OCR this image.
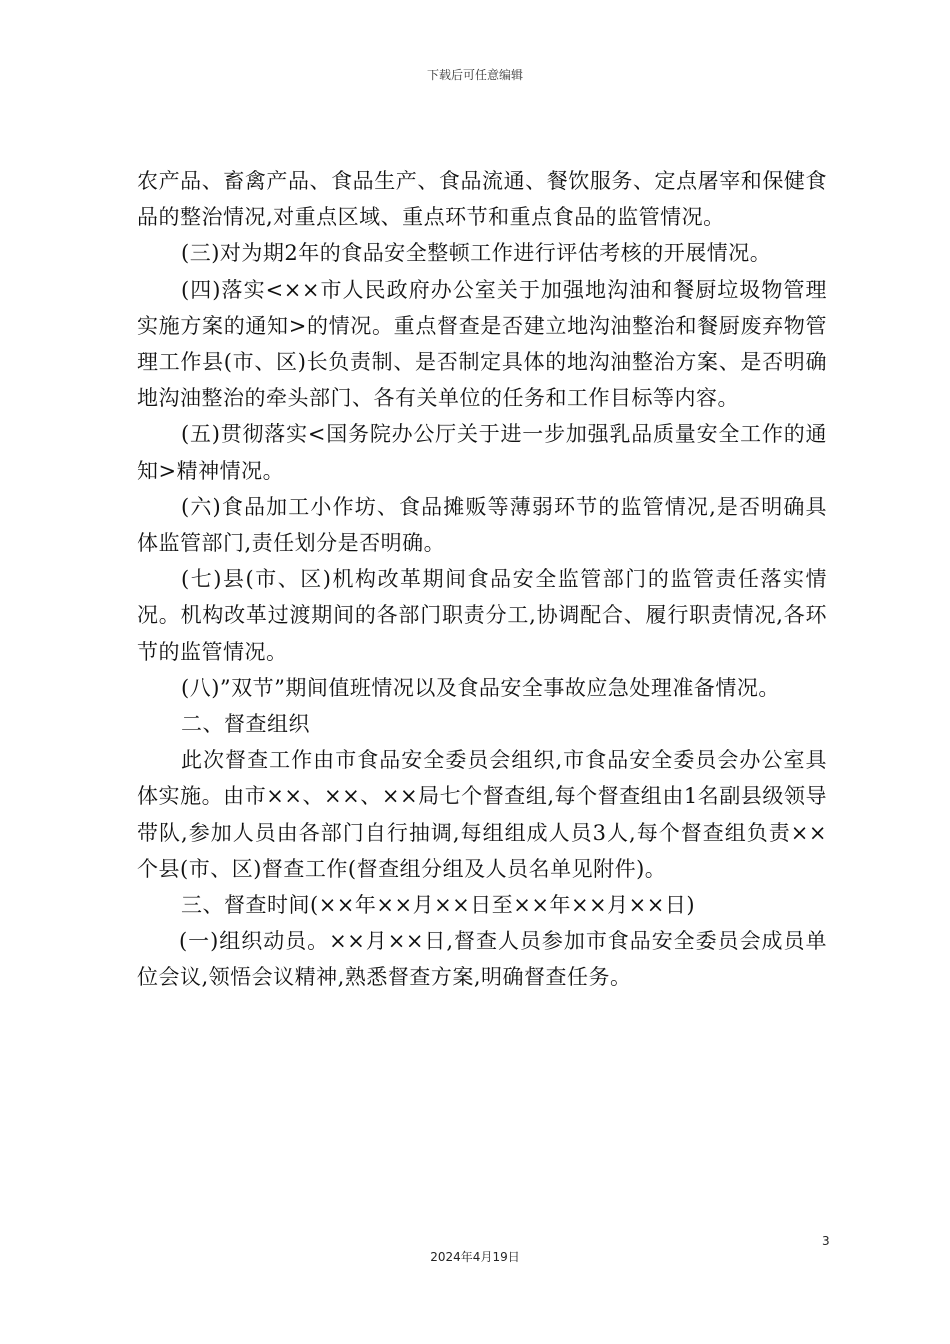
下载后可任意编辑

农产品、畜禽产品、食品生产、食品流通、餐饮服务、定点屠宰和保健食品的整治情况,对重点区域、重点环节和重点食品的监管情况。

(三)对为期2年的食品安全整顿工作进行评估考核的开展情况。

(四)落实<××市人民政府办公室关于加强地沟油和餐厨垃圾物管理实施方案的通知>的情况。重点督查是否建立地沟油整治和餐厨废弃物管理工作县(市、区)长负责制、是否制定具体的地沟油整治方案、是否明确地沟油整治的牵头部门、各有关单位的任务和工作目标等内容。

(五)贯彻落实<国务院办公厅关于进一步加强乳品质量安全工作的通知>精神情况。

(六)食品加工小作坊、食品摊贩等薄弱环节的监管情况,是否明确具体监管部门,责任划分是否明确。

(七)县(市、区)机构改革期间食品安全监管部门的监管责任落实情况。机构改革过渡期间的各部门职责分工,协调配合、履行职责情况,各环节的监管情况。

(八)”双节”期间值班情况以及食品安全事故应急处理准备情况。

二、督查组织

此次督查工作由市食品安全委员会组织,市食品安全委员会办公室具体实施。由市××、××、××局七个督查组,每个督查组由1名副县级领导带队,参加人员由各部门自行抽调,每组组成人员3人,每个督查组负责××个县(市、区)督查工作(督查组分组及人员名单见附件)。

三、督查时间(××年××月××日至××年××月××日)

(一)组织动员。××月××日,督查人员参加市食品安全委员会成员单位会议,领悟会议精神,熟悉督查方案,明确督查任务。

3
2024年4月19日
